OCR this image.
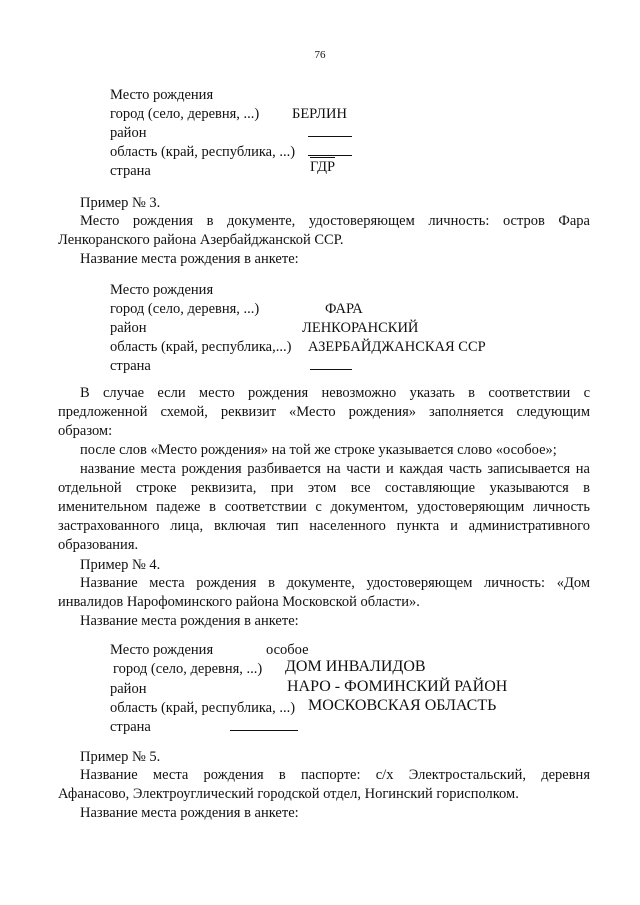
76
Место рождения
город (село, деревня, ...) БЕРЛИН
район
область (край, республика, ...)
страна	ГДР
Пример № 3.

Место рождения в документе, удостоверяющем личность: остров Фара

Ленкоранского района Азербайджанской ССР.

Название места рождения в анкете:

Место рождения
город (село, деревня, ...)	ФАРА
район	ЛЕНКОРАНСКИЙ
область (край, республика,...) АЗЕРБАЙДЖАНСКАЯ ССР
страна

В случае если место рождения невозможно указать в соответствии с

предложенной схемой, реквизит «Место рождения» заполняется следующим

образом:

после слов «Место рождения» на той же строке указывается слово «особое»;

название места рождения разбивается на части и каждая часть записывается на

отдельной строке реквизита, при этом все составляющие указываются в

именительном падеже в соответствии с документом, удостоверяющим личность

застрахованного лица, включая тип населенного пункта и административного

образования.

Пример № 4.

Название места рождения в документе, удостоверяющем личность: «Дом

инвалидов Нарофоминского района Московской области».

Название места рождения в анкете:

Место рождения	особое
город (село, деревня, ...) ДОМ ИНВАЛИДОВ
район	НАРО - ФОМИНСКИЙ РАЙОН
область (край, республика, ...) МОСКОВСКАЯ ОБЛАСТЬ
страна
Пример № 5.

Название места рождения в паспорте: с/х Электростальский, деревня

Афанасово, Электроуглический городской отдел, Ногинский горисполком.

Название места рождения в анкете:
